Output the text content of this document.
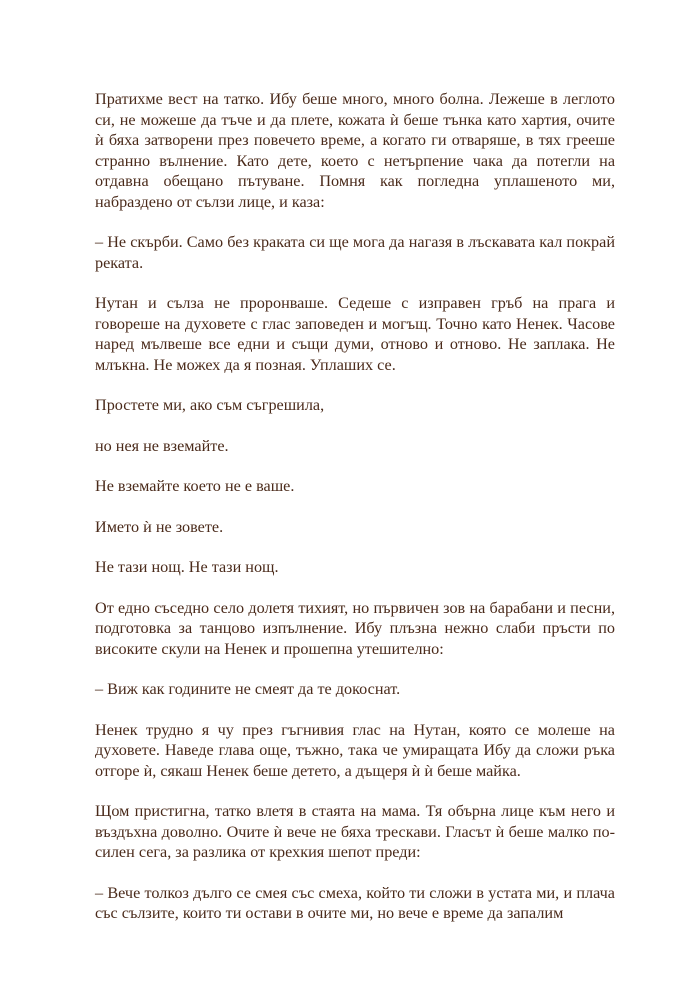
Пратихме вест на татко. Ибу беше много, много болна. Лежеше в леглото си, не можеше да тъче и да плете, кожата ѝ беше тънка като хартия, очите ѝ бяха затворени през повечето време, а когато ги отваряше, в тях грееше странно вълнение. Като дете, което с нетърпение чака да потегли на отдавна обещано пътуване. Помня как погледна уплашеното ми, набраздено от сълзи лице, и каза:

– Не скърби. Само без краката си ще мога да нагазя в лъскавата кал покрай реката.

Нутан и сълза не проронваше. Седеше с изправен гръб на прага и говореше на духовете с глас заповеден и могъщ. Точно като Ненек. Часове наред мълвеше все едни и същи думи, отново и отново. Не заплака. Не млъкна. Не можех да я позная. Уплаших се.

Простете ми, ако съм съгрешила,

но нея не вземайте.

Не вземайте което не е ваше.

Името ѝ не зовете.

Не тази нощ. Не тази нощ.

От едно съседно село долетя тихият, но първичен зов на барабани и песни, подготовка за танцово изпълнение. Ибу плъзна нежно слаби пръсти по високите скули на Ненек и прошепна утешително:

– Виж как годините не смеят да те докоснат.

Ненек трудно я чу през гъгнивия глас на Нутан, която се молеше на духовете. Наведе глава още, тъжно, така че умиращата Ибу да сложи ръка отгоре ѝ, сякаш Ненек беше детето, а дъщеря ѝ ѝ беше майка.

Щом пристигна, татко влетя в стаята на мама. Тя обърна лице към него и въздъхна доволно. Очите ѝ вече не бяха трескави. Гласът ѝ беше малко по-силен сега, за разлика от крехкия шепот преди:

– Вече толкоз дълго се смея със смеха, който ти сложи в устата ми, и плача със сълзите, които ти остави в очите ми, но вече е време да запалим
